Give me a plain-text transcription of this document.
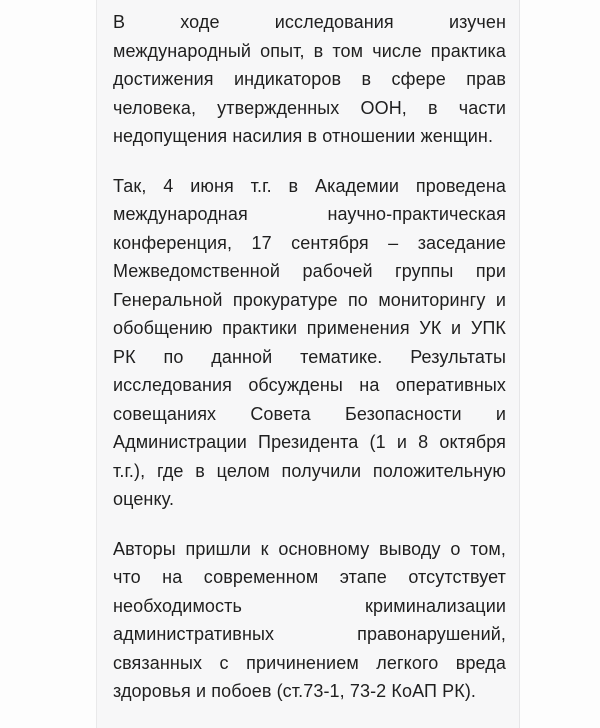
В ходе исследования изучен
международный опыт, в том числе практика
достижения индикаторов в сфере прав
человека, утвержденных ООН, в части
недопущения насилия в отношении женщин.
Так, 4 июня т.г. в Академии проведена
международная научно-практическая
конференция, 17 сентября – заседание
Межведомственной рабочей группы при
Генеральной прокуратуре по мониторингу и
обобщению практики применения УК и УПК
РК по данной тематике. Результаты
исследования обсуждены на оперативных
совещаниях Совета Безопасности и
Администрации Президента (1 и 8 октября
т.г.), где в целом получили положительную
оценку.
Авторы пришли к основному выводу о том,
что на современном этапе отсутствует
необходимость криминализации
административных правонарушений,
связанных с причинением легкого вреда
здоровья и побоев (ст.73-1, 73-2 КоАП РК).
